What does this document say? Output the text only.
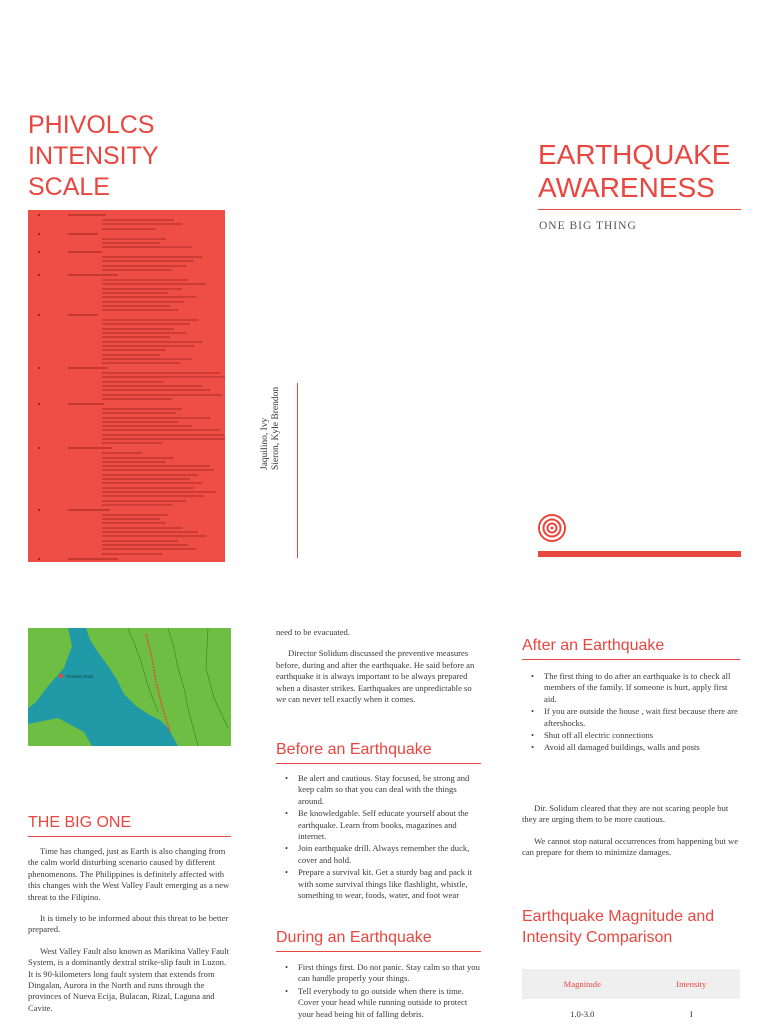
PHIVOLCS
INTENSITY
SCALE
Jaquilino, Ivy Sieron, Kyle Brendon
EARTHQUAKE
AWARENESS
ONE BIG THING
Proclaim Point
THE BIG ONE

Time has changed, just as Earth is also changing from the calm world disturbing scenario caused by different phenomenons. The Philippines is definitely affected with this changes with the West Valley Fault emerging as a new threat to the Filipino.

It is timely to be informed about this threat to be better prepared.

West Valley Fault also known as Marikina Valley Fault System, is a dominantly dextral strike-slip fault in Luzon. It is 90-kilometers long fault system that extends from Dingalan, Aurora in the North and runs through the provinces of Nueva Ecija, Bulacan, Rizal, Laguna and Cavite.

need to be evacuated.

Director Solidum discussed the preventive measures before, during and after the earthquake. He said before an earthquake it is always important to be always prepared when a disaster strikes. Earthquakes are unpredictable so we can never tell exactly when it comes.

Before an Earthquake
• Be alert and cautious. Stay focused, be strong and keep calm so that you can deal with the things around.
• Be knowledgable. Self educate yourself about the earthquake. Learn from books, magazines and internet.
• Join earthquake drill. Always remember the duck, cover and hold.
• Prepare a survival kit. Get a sturdy bag and pack it with some survival things like flashlight, whistle, something to wear, foods, water, and foot wear
During an Earthquake
• First things first. Do not panic. Stay calm so that you can handle properly your things.
• Tell everybody to go outside when there is time. Cover your head while running outside to protect your head being hit of falling debris.
After an Earthquake
• The first thing to do after an earthquake is to check all members of the family. If someone is hurt, apply first aid.
• If you are outside the house , wait first because there are aftershocks.
• Shut off all electric connections
• Avoid all damaged buildings, walls and posts

Dir. Solidum cleared that they are not scaring people but they are urging them to be more cautious.

We cannot stop natural occurrences from happening but we can prepare for them to minimize damages.

Earthquake Magnitude and Intensity Comparison
Magnitude	Intensity
1.0-3.0	I
